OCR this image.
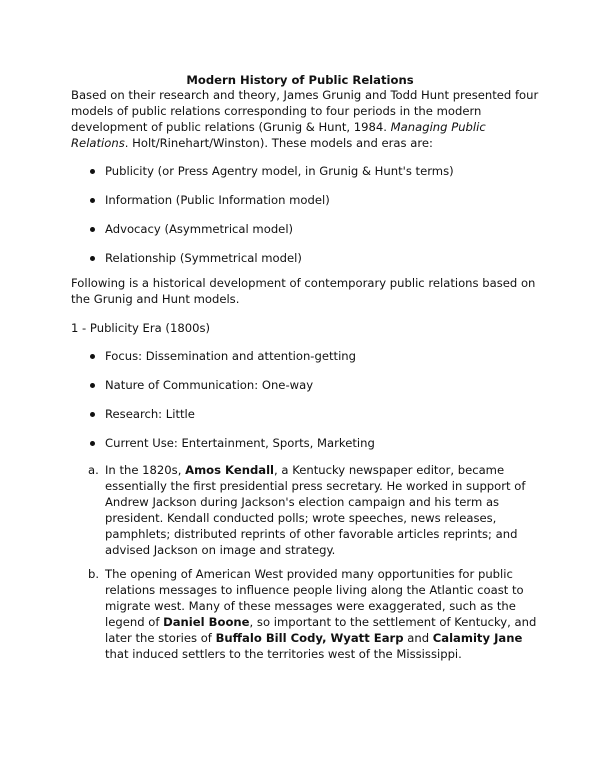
Modern History of Public Relations

Based on their research and theory, James Grunig and Todd Hunt presented four models of public relations corresponding to four periods in the modern development of public relations (Grunig & Hunt, 1984. Managing Public Relations. Holt/Rinehart/Winston). These models and eras are:

Publicity (or Press Agentry model, in Grunig & Hunt's terms)
Information (Public Information model)
Advocacy (Asymmetrical model)
Relationship (Symmetrical model)

Following is a historical development of contemporary public relations based on the Grunig and Hunt models.

1 - Publicity Era (1800s)

Focus: Dissemination and attention-getting
Nature of Communication: One-way
Research: Little
Current Use: Entertainment, Sports, Marketing
a. In the 1820s, Amos Kendall, a Kentucky newspaper editor, became essentially the first presidential press secretary. He worked in support of Andrew Jackson during Jackson's election campaign and his term as president. Kendall conducted polls; wrote speeches, news releases, pamphlets; distributed reprints of other favorable articles reprints; and advised Jackson on image and strategy.
b. The opening of American West provided many opportunities for public relations messages to influence people living along the Atlantic coast to migrate west. Many of these messages were exaggerated, such as the legend of Daniel Boone, so important to the settlement of Kentucky, and later the stories of Buffalo Bill Cody, Wyatt Earp and Calamity Jane that induced settlers to the territories west of the Mississippi.
